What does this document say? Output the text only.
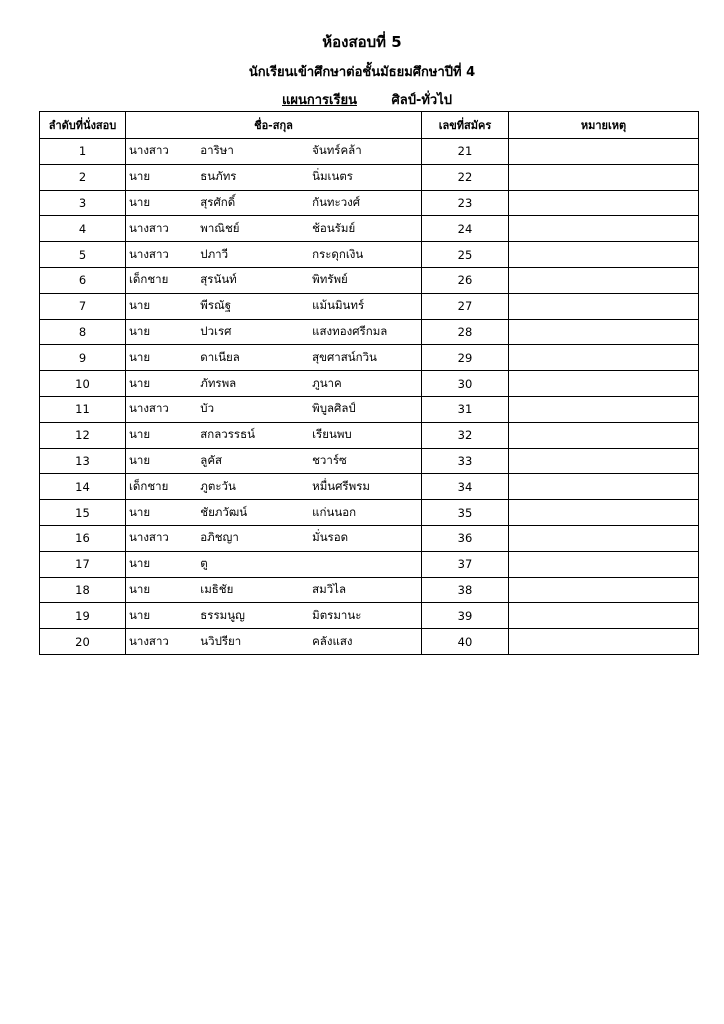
ห้องสอบที่ 5
นักเรียนเข้าศึกษาต่อชั้นมัธยมศึกษาปีที่ 4
แผนการเรียน	ศิลป์-ทั่วไป
ลำดับที่นั่งสอบ	ชื่อ-สกุล	เลขที่สมัคร	หมายเหตุ
1	นางสาว อาริษา จันทร์คล้า	21	
2	นาย ธนภัทร นิ่มเนตร	22	
3	นาย สุรศักดิ์ กันทะวงศ์	23	
4	นางสาว พาณิชย์ ช้อนรัมย์	24	
5	นางสาว ปภาวี กระดุกเงิน	25	
6	เด็กชาย สุรนันท์ พิทรัพย์	26	
7	นาย พีรณัฐ แม้นมินทร์	27	
8	นาย ปวเรศ แสงทองศรีกมล	28	
9	นาย ดาเนียล สุขศาสน์กวิน	29	
10	นาย ภัทรพล ภูนาค	30	
11	นางสาว บัว พิบูลศิลป์	31	
12	นาย สกลวรรธน์ เรียนพบ	32	
13	นาย ลูคัส ชวาร์ซ	33	
14	เด็กชาย ภูตะวัน หมื่นศรีพรม	34	
15	นาย ชัยภวัฒน์ แก่นนอก	35	
16	นางสาว อภิชญา มั่นรอด	36	
17	นาย ตู	37	
18	นาย เมธิชัย สมวิไล	38	
19	นาย ธรรมนูญ มิตรมานะ	39	
20	นางสาว นวิปรียา คลังแสง	40	
